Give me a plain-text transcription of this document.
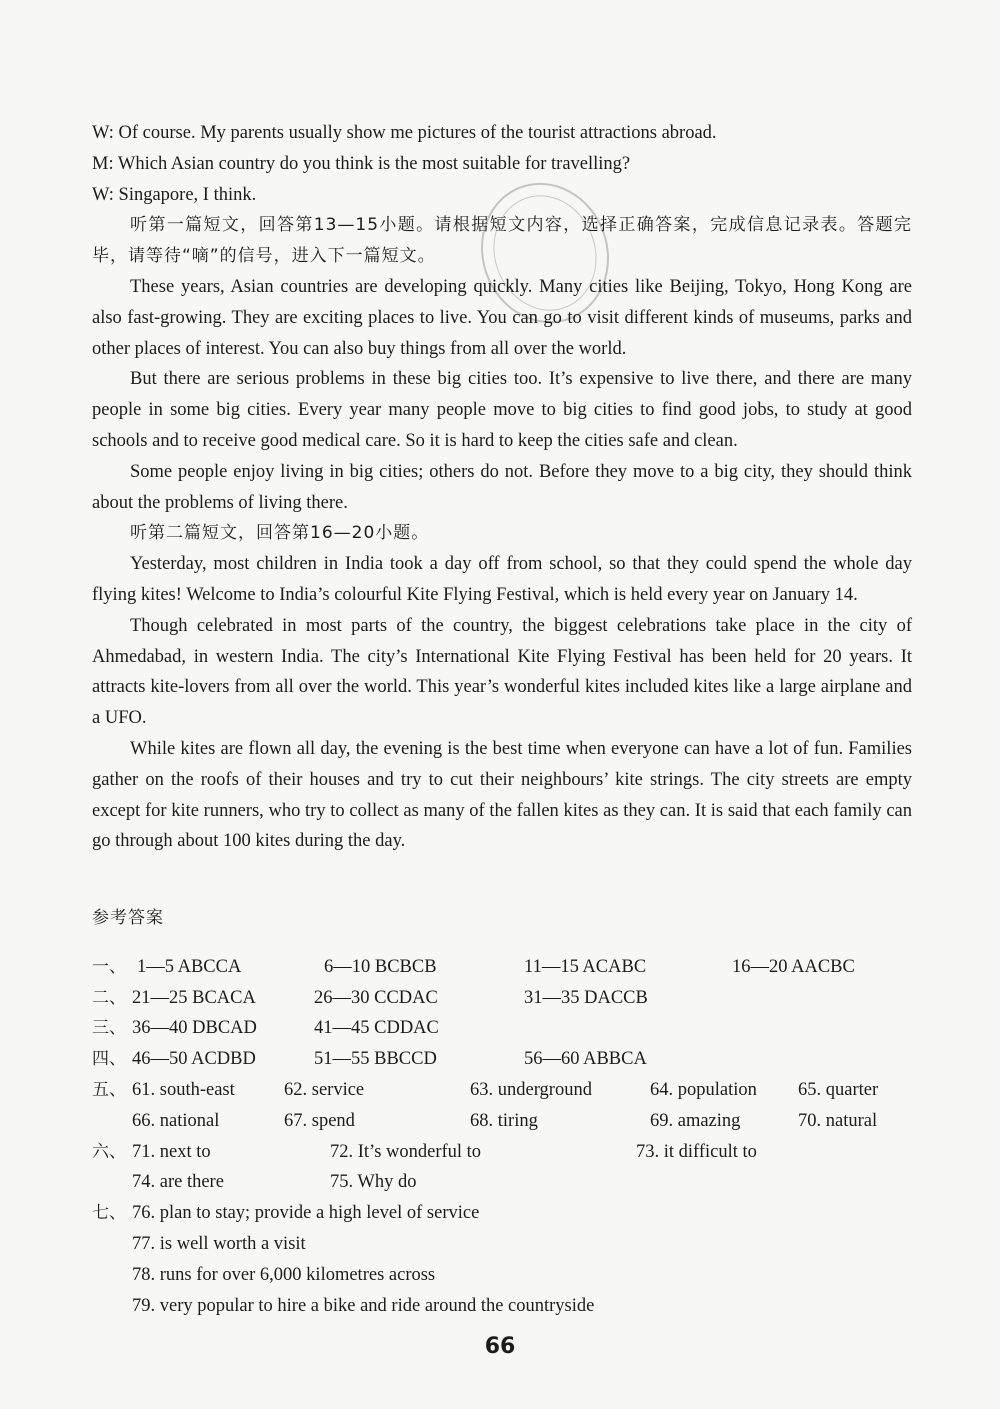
W: Of course. My parents usually show me pictures of the tourist attractions abroad.
M: Which Asian country do you think is the most suitable for travelling?
W: Singapore, I think.
听第一篇短文，回答第13—15小题。请根据短文内容，选择正确答案，完成信息记录表。答题完毕，请等待“嘀”的信号，进入下一篇短文。
These years, Asian countries are developing quickly. Many cities like Beijing, Tokyo, Hong Kong are also fast-growing. They are exciting places to live. You can go to visit different kinds of museums, parks and other places of interest. You can also buy things from all over the world.
But there are serious problems in these big cities too. It’s expensive to live there, and there are many people in some big cities. Every year many people move to big cities to find good jobs, to study at good schools and to receive good medical care. So it is hard to keep the cities safe and clean.
Some people enjoy living in big cities; others do not. Before they move to a big city, they should think about the problems of living there.
听第二篇短文，回答第16—20小题。
Yesterday, most children in India took a day off from school, so that they could spend the whole day flying kites! Welcome to India’s colourful Kite Flying Festival, which is held every year on January 14.
Though celebrated in most parts of the country, the biggest celebrations take place in the city of Ahmedabad, in western India. The city’s International Kite Flying Festival has been held for 20 years. It attracts kite-lovers from all over the world. This year’s wonderful kites included kites like a large airplane and a UFO.
While kites are flown all day, the evening is the best time when everyone can have a lot of fun. Families gather on the roofs of their houses and try to cut their neighbours’ kite strings. The city streets are empty except for kite runners, who try to collect as many of the fallen kites as they can. It is said that each family can go through about 100 kites during the day.
参考答案
一、 1—5 ABCCA	6—10 BCBCB	11—15 ACABC	16—20 AACBC
二、 21—25 BCACA	26—30 CCDAC	31—35 DACCB
三、 36—40 DBCAD	41—45 CDDAC
四、 46—50 ACDBD	51—55 BBCCD	56—60 ABBCA
五、 61. south-east	62. service	63. underground	64. population 65. quarter
66. national	67. spend	68. tiring	69. amazing	70. natural
六、 71. next to	72. It’s wonderful to	73. it difficult to
74. are there	75. Why do
七、 76. plan to stay; provide a high level of service
77. is well worth a visit
78. runs for over 6,000 kilometres across
79. very popular to hire a bike and ride around the countryside
66
